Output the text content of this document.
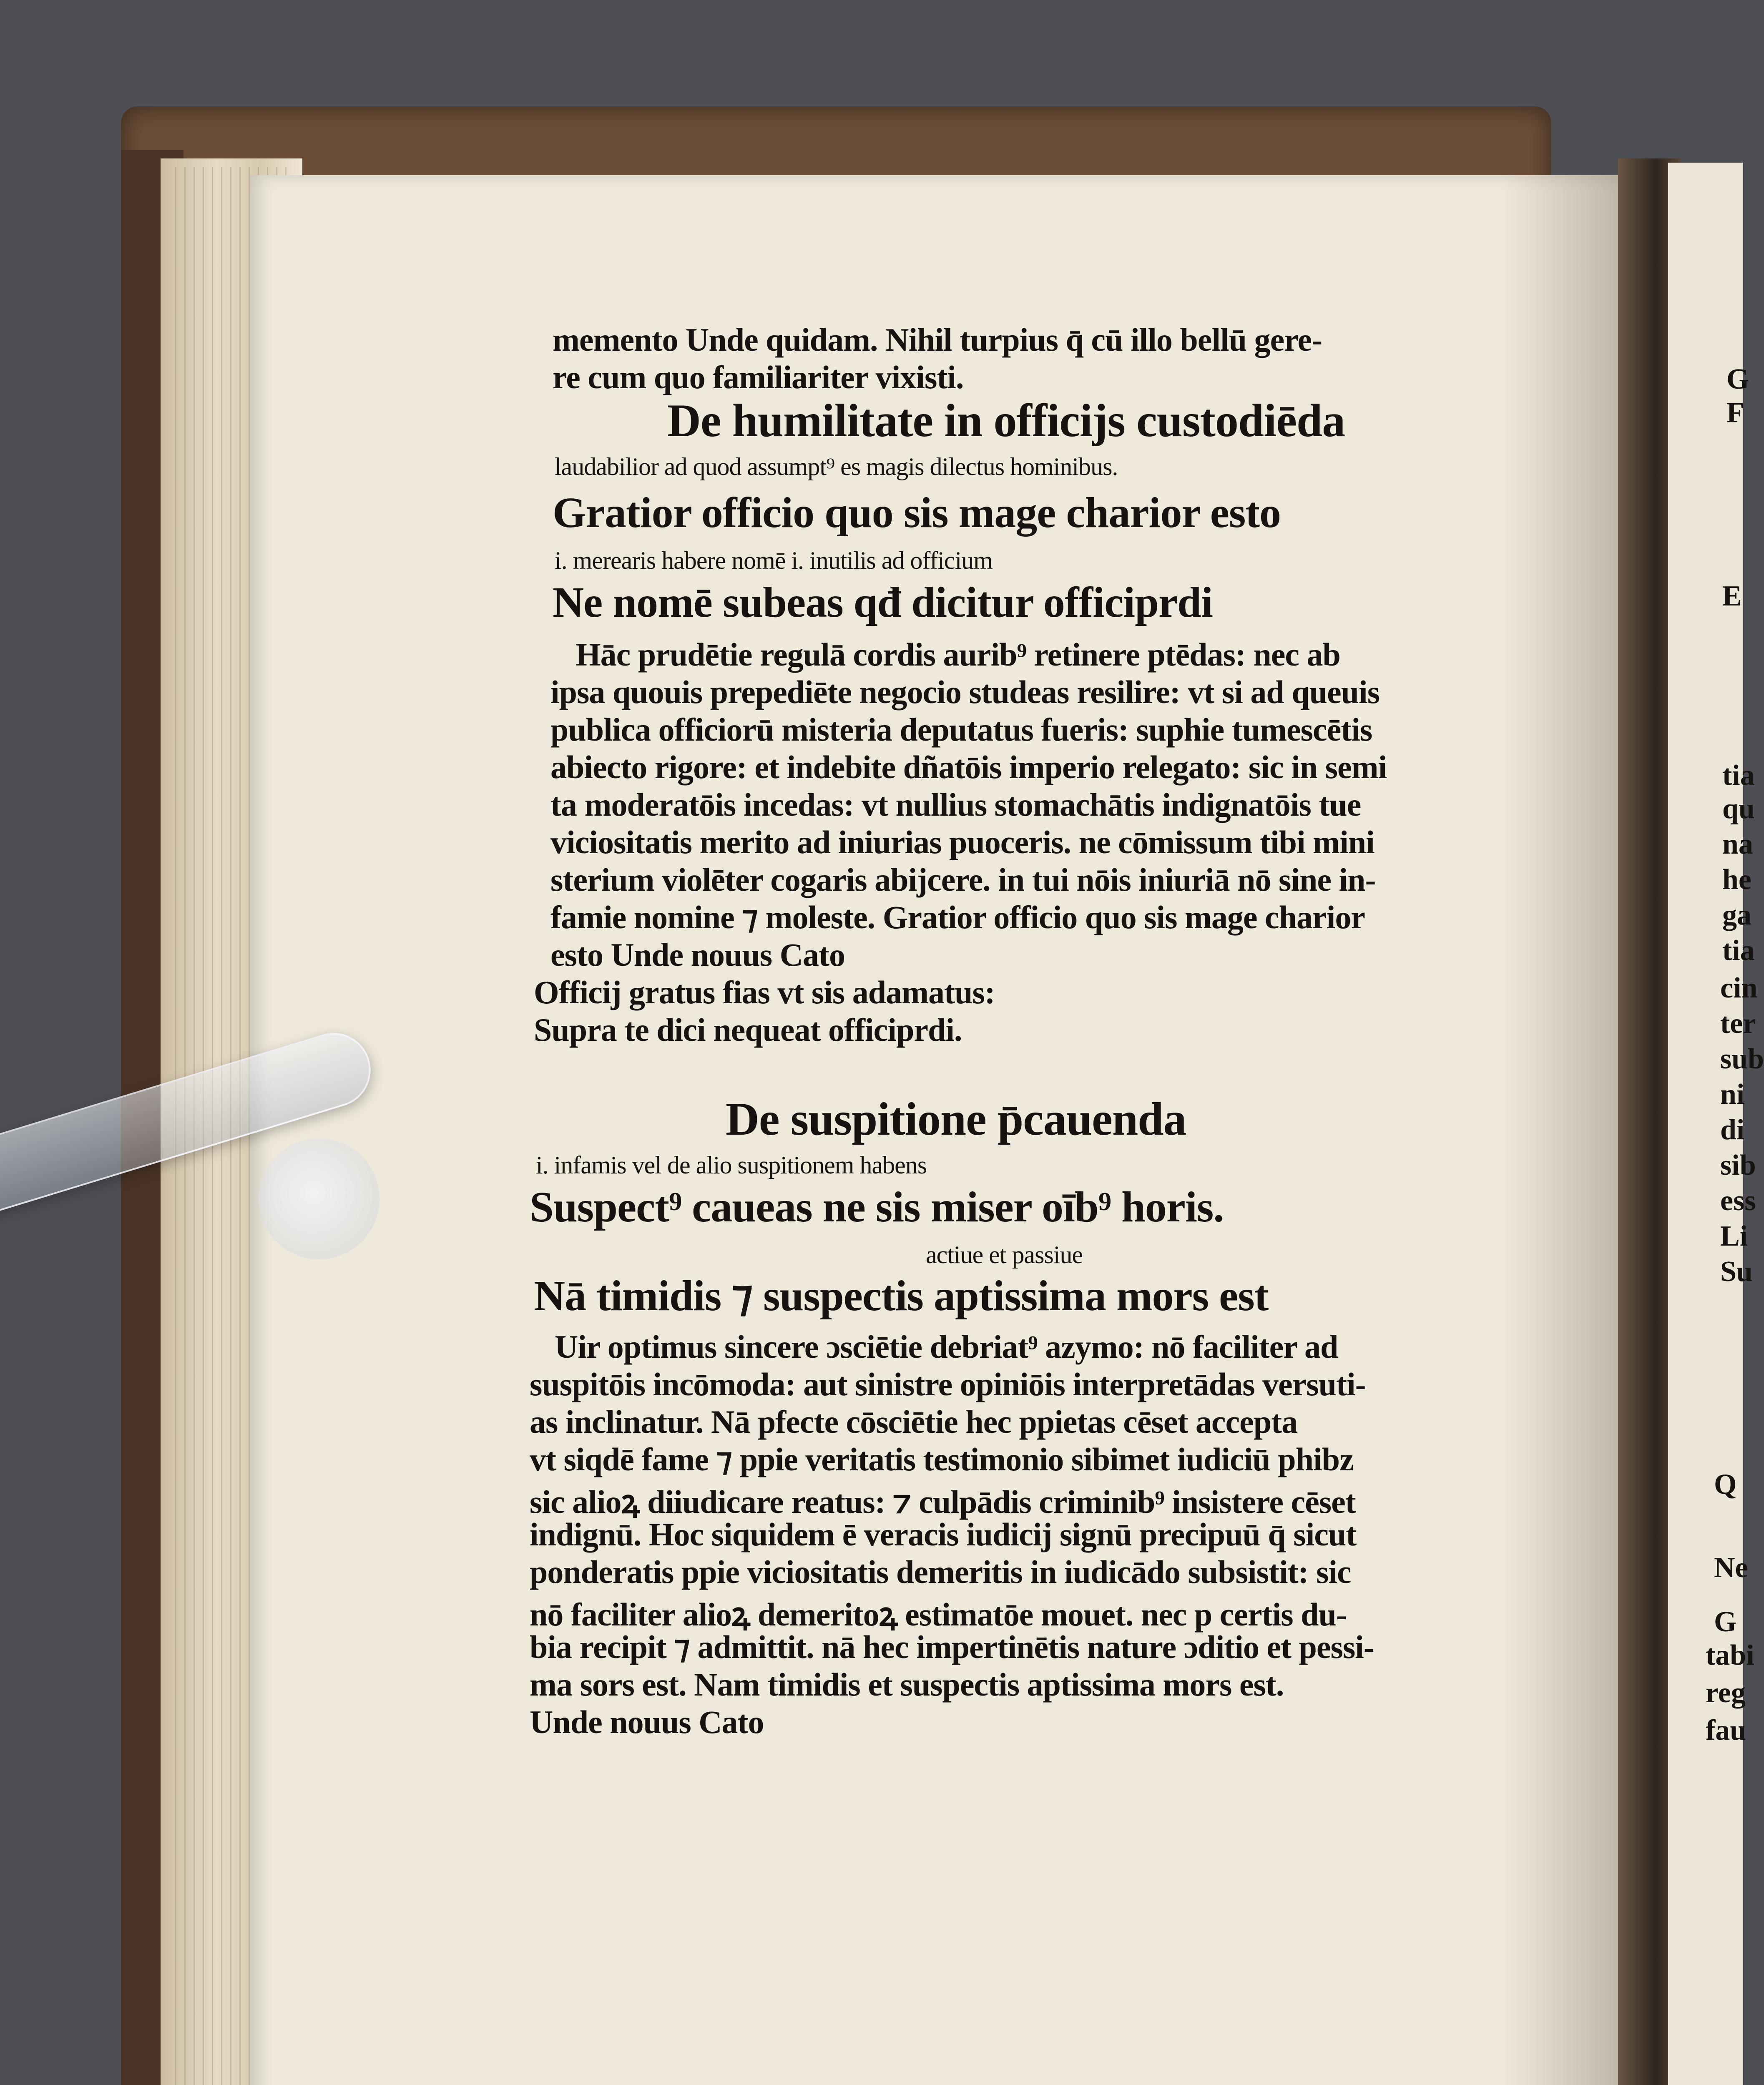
memento Unde quidam. Nihil turpius q̄ cū illo bellū gere-
re cum quo familiariter vixisti.
De humilitate in officijs custodiēda
laudabilior ad quod assumpt⁹ es magis dilectus hominibus.
Gratior officio quo sis mage charior esto
i. merearis habere nomē i. inutilis ad officium
Ne nomē subeas qđ dicitur officiprdi
Hāc prudētie regulā cordis aurib⁹ retinere ptēdas: nec ab
ipsa quouis prepediēte negocio studeas resilire: vt si ad queuis
publica officiorū misteria deputatus fueris: suphie tumescētis
abiecto rigore: et indebite dñatōis imperio relegato: sic in semi
ta moderatōis incedas: vt nullius stomachātis indignatōis tue
viciositatis merito ad iniurias puoceris. ne cōmissum tibi mini
sterium violēter cogaris abijcere. in tui nōis iniuriā nō sine in-
famie nomine ⁊ moleste. Gratior officio quo sis mage charior
esto Unde nouus Cato
Officij gratus fias vt sis adamatus:
Supra te dici nequeat officiprdi.
De suspitione p̄cauenda
i. infamis vel de alio suspitionem habens
Suspect⁹ caueas ne sis miser oīb⁹ horis.
actiue et passiue
Nā timidis ⁊ suspectis aptissima mors est
Uir optimus sincere ɔsciētie debriat⁹ azymo: nō faciliter ad
suspitōis incōmoda: aut sinistre opiniōis interpretādas versuti-
as inclinatur. Nā pfecte cōsciētie hec ppietas cēset accepta
vt siqdē fame ⁊ ppie veritatis testimonio sibimet iudiciū phibz
sic alioꝝ diiudicare reatus: ⁊ culpādis criminib⁹ insistere cēset
indignū. Hoc siquidem ē veracis iudicij signū precipuū q̄ sicut
ponderatis ppie viciositatis demeritis in iudicādo subsistit: sic
nō faciliter alioꝝ demeritoꝝ estimatōe mouet. nec p certis du-
bia recipit ⁊ admittit. nā hec impertinētis nature ɔditio et pessi-
ma sors est. Nam timidis et suspectis aptissima mors est.
Unde nouus Cato
G
F
E
tia
qu
na
he
ga
tia
cin
ter
sub
ni
di
sib
ess
Li
Su
Q
Ne
G
tabi
reg
fau
